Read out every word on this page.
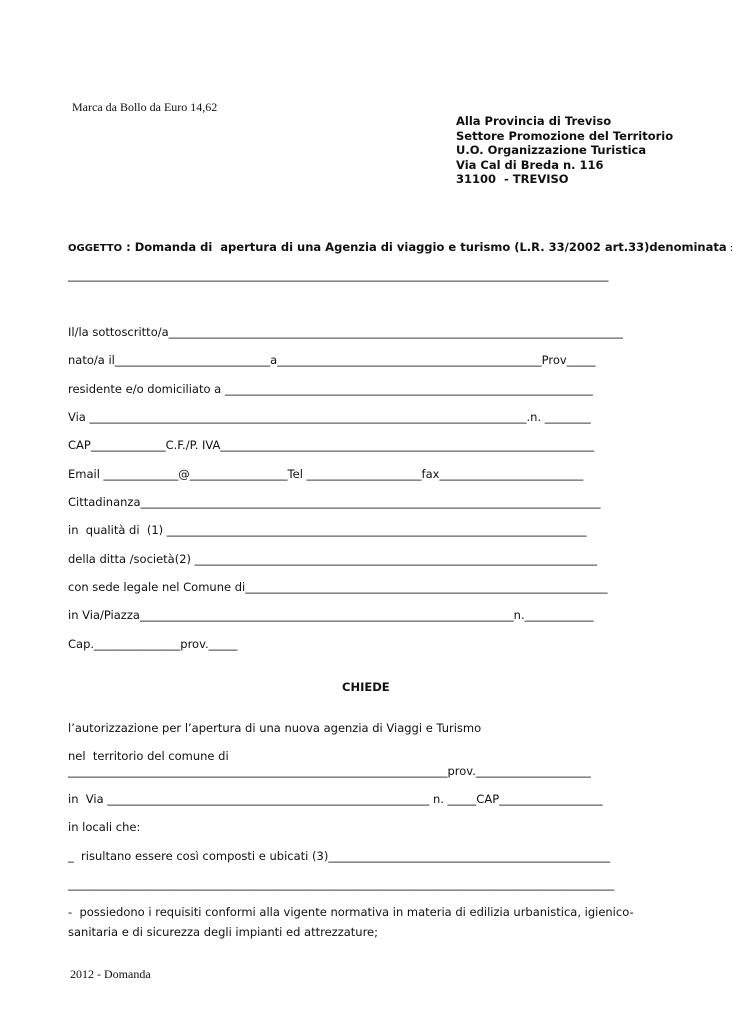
Marca da Bollo da Euro 14,62
Alla Provincia di Treviso
Settore Promozione del Territorio
U.O. Organizzazione Turistica
Via Cal di Breda n. 116
31100  - TREVISO
OGGETTO : Domanda di  apertura di una Agenzia di viaggio e turismo (L.R. 33/2002 art.33)denominata :
______________________________________________________________________________________________
Il/la sottoscritto/a_______________________________________________________________________________
nato/a il___________________________a______________________________________________Prov_____
residente e/o domiciliato a ________________________________________________________________
Via ____________________________________________________________________________.n. ________
CAP_____________C.F./P. IVA_________________________________________________________________
Email _____________@_________________Tel ____________________fax_________________________
Cittadinanza________________________________________________________________________________
in  qualità di  (1) _________________________________________________________________________
della ditta /società(2) ______________________________________________________________________
con sede legale nel Comune di_______________________________________________________________
in Via/Piazza_________________________________________________________________n.____________
Cap._______________prov._____
CHIEDE
l’autorizzazione per l’apertura di una nuova agenzia di Viaggi e Turismo
nel  territorio del comune di
__________________________________________________________________prov.____________________
in  Via ________________________________________________________ n. _____CAP__________________
in locali che:
_  risultano essere così composti e ubicati (3)_________________________________________________
_______________________________________________________________________________________________
-  possiedono i requisiti conformi alla vigente normativa in materia di edilizia urbanistica, igienico-
sanitaria e di sicurezza degli impianti ed attrezzature;
2012 - Domanda
